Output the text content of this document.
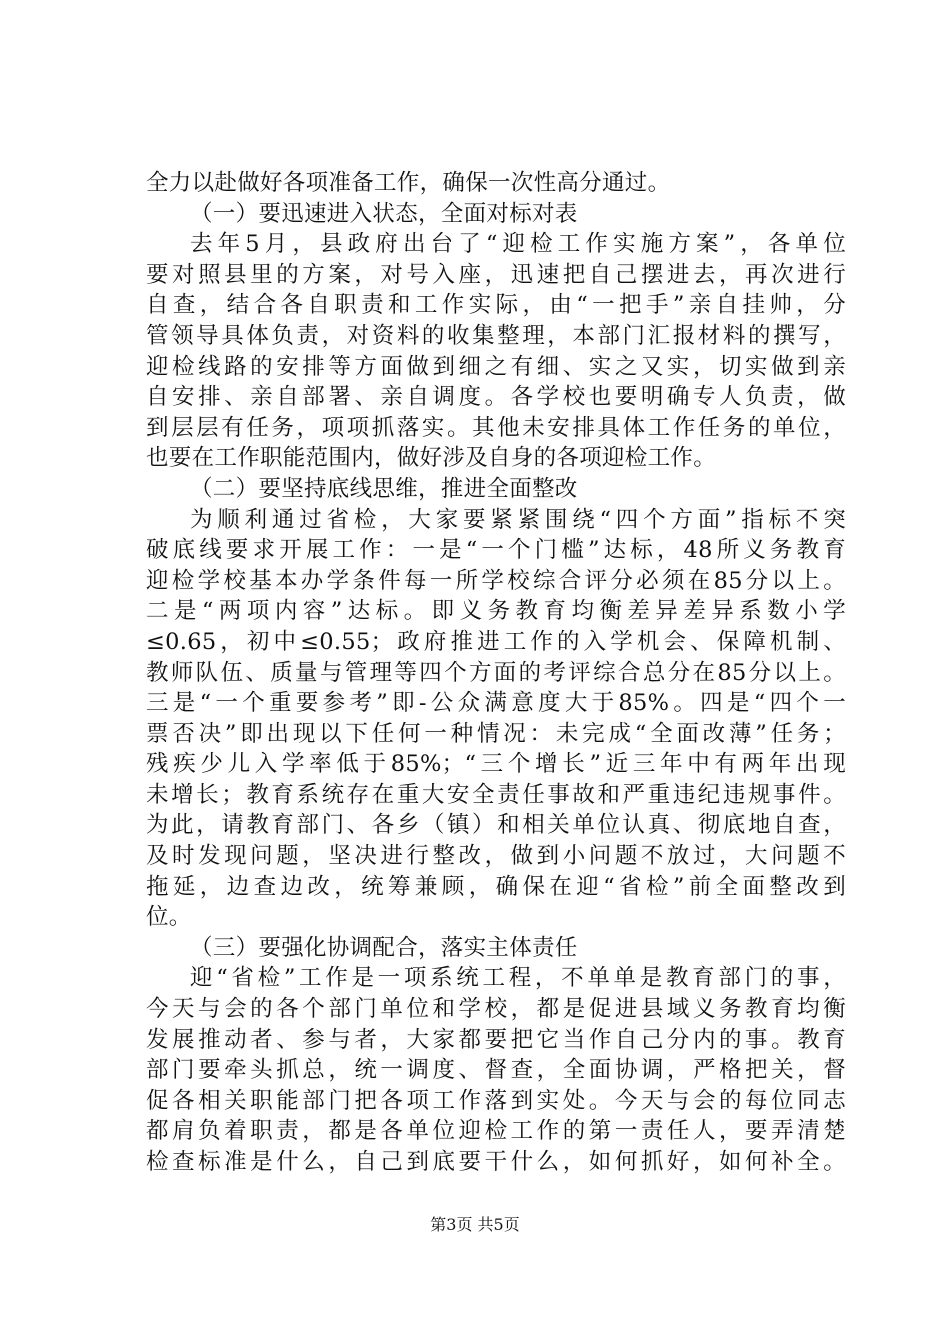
全力以赴做好各项准备工作，确保一次性高分通过。
（一）要迅速进入状态，全面对标对表
去年5月，县政府出台了“迎检工作实施方案”，各单位
要对照县里的方案，对号入座，迅速把自己摆进去，再次进行
自查，结合各自职责和工作实际，由“一把手”亲自挂帅，分
管领导具体负责，对资料的收集整理，本部门汇报材料的撰写，
迎检线路的安排等方面做到细之有细、实之又实，切实做到亲
自安排、亲自部署、亲自调度。各学校也要明确专人负责，做
到层层有任务，项项抓落实。其他未安排具体工作任务的单位，
也要在工作职能范围内，做好涉及自身的各项迎检工作。
（二）要坚持底线思维，推进全面整改
为顺利通过省检，大家要紧紧围绕“四个方面”指标不突
破底线要求开展工作：一是“一个门槛”达标，48所义务教育
迎检学校基本办学条件每一所学校综合评分必须在85分以上。
二是“两项内容”达标。即义务教育均衡差异差异系数小学
≤0.65，初中≤0.55；政府推进工作的入学机会、保障机制、
教师队伍、质量与管理等四个方面的考评综合总分在85分以上。
三是“一个重要参考”即-公众满意度大于85%。四是“四个一
票否决”即出现以下任何一种情况：未完成“全面改薄”任务；
残疾少儿入学率低于85%；“三个增长”近三年中有两年出现
未增长；教育系统存在重大安全责任事故和严重违纪违规事件。
为此，请教育部门、各乡（镇）和相关单位认真、彻底地自查，
及时发现问题，坚决进行整改，做到小问题不放过，大问题不
拖延，边查边改，统筹兼顾，确保在迎“省检”前全面整改到
位。
（三）要强化协调配合，落实主体责任
迎“省检”工作是一项系统工程，不单单是教育部门的事，
今天与会的各个部门单位和学校，都是促进县域义务教育均衡
发展推动者、参与者，大家都要把它当作自己分内的事。教育
部门要牵头抓总，统一调度、督查，全面协调，严格把关，督
促各相关职能部门把各项工作落到实处。今天与会的每位同志
都肩负着职责，都是各单位迎检工作的第一责任人，要弄清楚
检查标准是什么，自己到底要干什么，如何抓好，如何补全。
第3页 共5页
